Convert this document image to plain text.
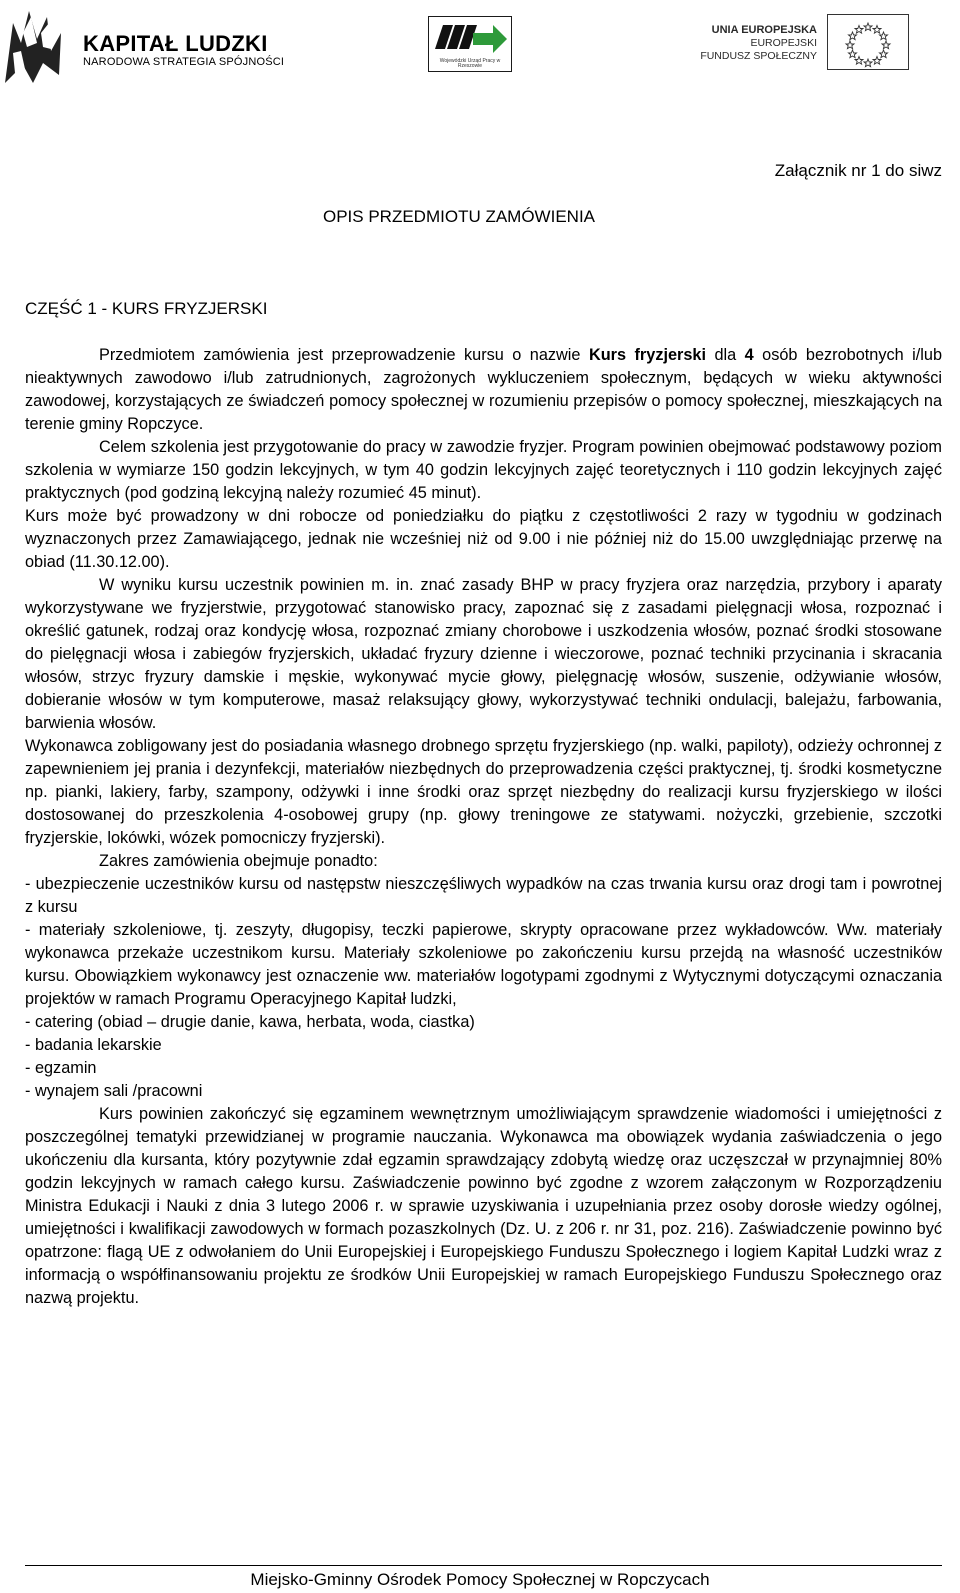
KAPITAŁ LUDZKI
NARODOWA STRATEGIA SPÓJNOŚCI	Wojewódzki Urząd Pracy w Rzeszowie
UNIA EUROPEJSKA
EUROPEJSKI
FUNDUSZ SPOŁECZNY
Załącznik nr 1 do siwz
OPIS PRZEDMIOTU ZAMÓWIENIA
CZĘŚĆ 1 - KURS FRYZJERSKI

Przedmiotem zamówienia jest przeprowadzenie kursu o nazwie Kurs fryzjerski dla 4 osób bezrobotnych i/lub nieaktywnych zawodowo i/lub zatrudnionych, zagrożonych wykluczeniem społecznym, będących w wieku aktywności zawodowej, korzystających ze świadczeń pomocy społecznej w rozumieniu przepisów o pomocy społecznej, mieszkających na terenie gminy Ropczyce.

Celem szkolenia jest przygotowanie do pracy w zawodzie fryzjer. Program powinien obejmować podstawowy poziom szkolenia w wymiarze 150 godzin lekcyjnych, w tym 40 godzin lekcyjnych zajęć teoretycznych i 110 godzin lekcyjnych zajęć praktycznych (pod godziną lekcyjną należy rozumieć 45 minut).

Kurs może być prowadzony w dni robocze od poniedziałku do piątku z częstotliwości 2 razy w tygodniu w godzinach wyznaczonych przez Zamawiającego, jednak nie wcześniej niż od 9.00 i nie później niż do 15.00 uwzględniając przerwę na obiad (11.30.12.00).

W wyniku kursu uczestnik powinien m. in. znać zasady BHP w pracy fryzjera oraz narzędzia, przybory i aparaty wykorzystywane we fryzjerstwie, przygotować stanowisko pracy, zapoznać się z zasadami pielęgnacji włosa, rozpoznać i określić gatunek, rodzaj oraz kondycję włosa, rozpoznać zmiany chorobowe i uszkodzenia włosów, poznać środki stosowane do pielęgnacji włosa i zabiegów fryzjerskich, układać fryzury dzienne i wieczorowe, poznać techniki przycinania i skracania włosów, strzyc fryzury damskie i męskie, wykonywać mycie głowy, pielęgnację włosów, suszenie, odżywianie włosów, dobieranie włosów w tym komputerowe, masaż relaksujący głowy, wykorzystywać techniki ondulacji, balejażu, farbowania, barwienia włosów.

Wykonawca zobligowany jest do posiadania własnego drobnego sprzętu fryzjerskiego (np. walki, papiloty), odzieży ochronnej z zapewnieniem jej prania i dezynfekcji, materiałów niezbędnych do przeprowadzenia części praktycznej, tj. środki kosmetyczne np. pianki, lakiery, farby, szampony, odżywki i inne środki oraz sprzęt niezbędny do realizacji kursu fryzjerskiego w ilości dostosowanej do przeszkolenia 4-osobowej grupy (np. głowy treningowe ze statywami. nożyczki, grzebienie, szczotki fryzjerskie, lokówki, wózek pomocniczy fryzjerski).

Zakres zamówienia obejmuje ponadto:

- ubezpieczenie uczestników kursu od następstw nieszczęśliwych wypadków na czas trwania kursu oraz drogi tam i powrotnej z kursu

- materiały szkoleniowe, tj. zeszyty, długopisy, teczki papierowe, skrypty opracowane przez wykładowców. Ww. materiały wykonawca przekaże uczestnikom kursu. Materiały szkoleniowe po zakończeniu kursu przejdą na własność uczestników kursu. Obowiązkiem wykonawcy jest oznaczenie ww. materiałów logotypami zgodnymi z Wytycznymi dotyczącymi oznaczania projektów w ramach Programu Operacyjnego Kapitał ludzki,

- catering (obiad – drugie danie, kawa, herbata, woda, ciastka)

- badania lekarskie

- egzamin

- wynajem sali /pracowni

Kurs powinien zakończyć się egzaminem wewnętrznym umożliwiającym sprawdzenie wiadomości i umiejętności z poszczególnej tematyki przewidzianej w programie nauczania. Wykonawca ma obowiązek wydania zaświadczenia o jego ukończeniu dla kursanta, który pozytywnie zdał egzamin sprawdzający zdobytą wiedzę oraz uczęszczał w przynajmniej 80% godzin lekcyjnych w ramach całego kursu. Zaświadczenie powinno być zgodne z wzorem załączonym w Rozporządzeniu Ministra Edukacji i Nauki z dnia 3 lutego 2006 r. w sprawie uzyskiwania i uzupełniania przez osoby dorosłe wiedzy ogólnej, umiejętności i kwalifikacji zawodowych w formach pozaszkolnych (Dz. U. z 206 r. nr 31, poz. 216). Zaświadczenie powinno być opatrzone: flagą UE z odwołaniem do Unii Europejskiej i Europejskiego Funduszu Społecznego i logiem Kapitał Ludzki wraz z informacją o współfinansowaniu projektu ze środków Unii Europejskiej w ramach Europejskiego Funduszu Społecznego oraz nazwą projektu.

Miejsko-Gminny Ośrodek Pomocy Społecznej w Ropczycach
